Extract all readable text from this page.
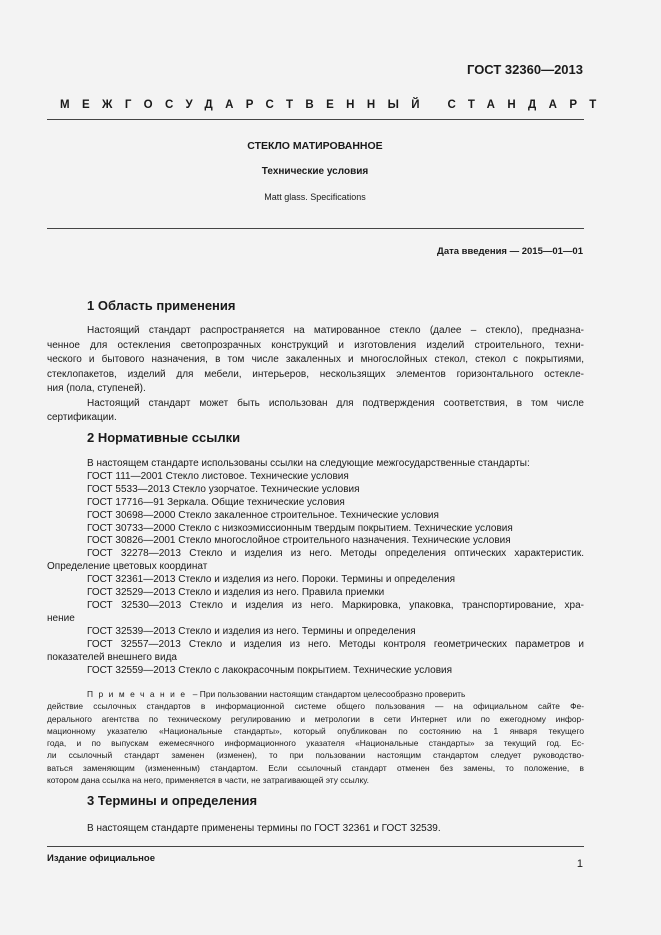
ГОСТ 32360—2013
МЕЖГОСУДАРСТВЕННЫЙ СТАНДАРТ
СТЕКЛО МАТИРОВАННОЕ
Технические условия
Matt glass. Specifications
Дата введения — 2015—01—01
1 Область применения
Настоящий стандарт распространяется на матированное стекло (далее – стекло), предназна-
ченное для остекления светопрозрачных конструкций и изготовления изделий строительного, техни-
ческого и бытового назначения, в том числе закаленных и многослойных стекол, стекол с покрытиями,
стеклопакетов, изделий для мебели, интерьеров, нескользящих элементов горизонтального остекле-
ния (пола, ступеней).
Настоящий стандарт может быть использован для подтверждения соответствия, в том числе
сертификации.
2 Нормативные ссылки
В настоящем стандарте использованы ссылки на следующие межгосударственные стандарты:
ГОСТ 111—2001 Стекло листовое. Технические условия
ГОСТ 5533—2013 Стекло узорчатое. Технические условия
ГОСТ 17716—91 Зеркала. Общие технические условия
ГОСТ 30698—2000 Стекло закаленное строительное. Технические условия
ГОСТ 30733—2000 Стекло с низкоэмиссионным твердым покрытием. Технические условия
ГОСТ 30826—2001 Стекло многослойное строительного назначения. Технические условия
ГОСТ 32278—2013 Стекло и изделия из него. Методы определения оптических характеристик.
Определение цветовых координат
ГОСТ 32361—2013 Стекло и изделия из него. Пороки. Термины и определения
ГОСТ 32529—2013 Стекло и изделия из него. Правила приемки
ГОСТ 32530—2013 Стекло и изделия из него. Маркировка, упаковка, транспортирование, хра-
нение
ГОСТ 32539—2013 Стекло и изделия из него. Термины и определения
ГОСТ 32557—2013 Стекло и изделия из него. Методы контроля геометрических параметров и
показателей внешнего вида
ГОСТ 32559—2013 Стекло с лакокрасочным покрытием. Технические условия
Примечание – При пользовании настоящим стандартом целесообразно проверить
действие ссылочных стандартов в информационной системе общего пользования — на официальном сайте Фе-
дерального агентства по техническому регулированию и метрологии в сети Интернет или по ежегодному инфор-
мационному указателю «Национальные стандарты», который опубликован по состоянию на 1 января текущего
года, и по выпускам ежемесячного информационного указателя «Национальные стандарты» за текущий год. Ес-
ли ссылочный стандарт заменен (изменен), то при пользовании настоящим стандартом следует руководство-
ваться заменяющим (измененным) стандартом. Если ссылочный стандарт отменен без замены, то положение, в
котором дана ссылка на него, применяется в части, не затрагивающей эту ссылку.
3 Термины и определения
В настоящем стандарте применены термины по ГОСТ 32361 и ГОСТ 32539.
Издание официальное	1
